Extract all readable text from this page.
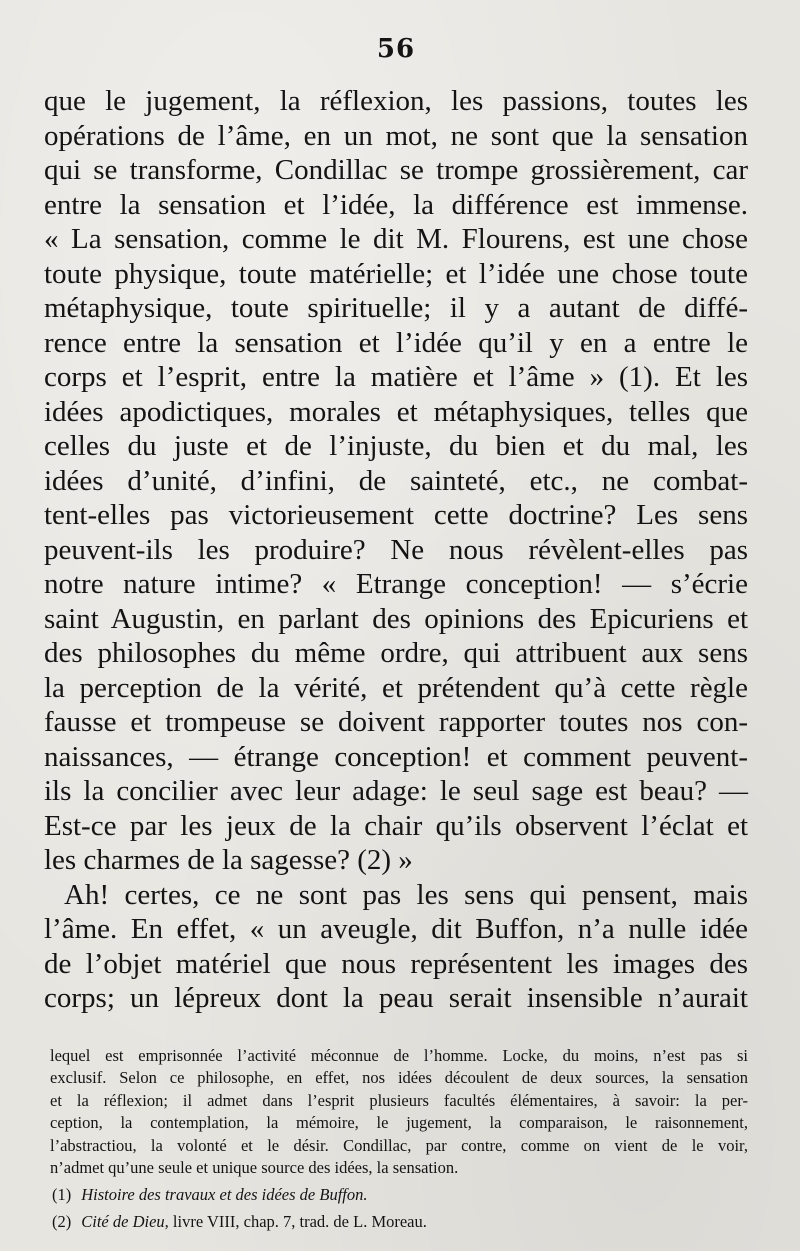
56
que le jugement, la réflexion, les passions, toutes les
opérations de l’âme, en un mot, ne sont que la sensation
qui se transforme, Condillac se trompe grossièrement, car
entre la sensation et l’idée, la différence est immense.
« La sensation, comme le dit M. Flourens, est une chose
toute physique, toute matérielle; et l’idée une chose toute
métaphysique, toute spirituelle; il y a autant de diffé-
rence entre la sensation et l’idée qu’il y en a entre le
corps et l’esprit, entre la matière et l’âme » (1). Et les
idées apodictiques, morales et métaphysiques, telles que
celles du juste et de l’injuste, du bien et du mal, les
idées d’unité, d’infini, de sainteté, etc., ne combat-
tent-elles pas victorieusement cette doctrine? Les sens
peuvent-ils les produire? Ne nous révèlent-elles pas
notre nature intime? « Etrange conception! — s’écrie
saint Augustin, en parlant des opinions des Epicuriens et
des philosophes du même ordre, qui attribuent aux sens
la perception de la vérité, et prétendent qu’à cette règle
fausse et trompeuse se doivent rapporter toutes nos con-
naissances, — étrange conception! et comment peuvent-
ils la concilier avec leur adage: le seul sage est beau? —
Est-ce par les jeux de la chair qu’ils observent l’éclat et
les charmes de la sagesse? (2) »
Ah! certes, ce ne sont pas les sens qui pensent, mais
l’âme. En effet, « un aveugle, dit Buffon, n’a nulle idée
de l’objet matériel que nous représentent les images des
corps; un lépreux dont la peau serait insensible n’aurait
lequel est emprisonnée l’activité méconnue de l’homme. Locke, du moins, n’est pas si
exclusif. Selon ce philosophe, en effet, nos idées découlent de deux sources, la sensation
et la réflexion; il admet dans l’esprit plusieurs facultés élémentaires, à savoir: la per-
ception, la contemplation, la mémoire, le jugement, la comparaison, le raisonnement,
l’abstractiou, la volonté et le désir. Condillac, par contre, comme on vient de le voir,
n’admet qu’une seule et unique source des idées, la sensation.
(1) Histoire des travaux et des idées de Buffon.
(2) Cité de Dieu, livre VIII, chap. 7, trad. de L. Moreau.
